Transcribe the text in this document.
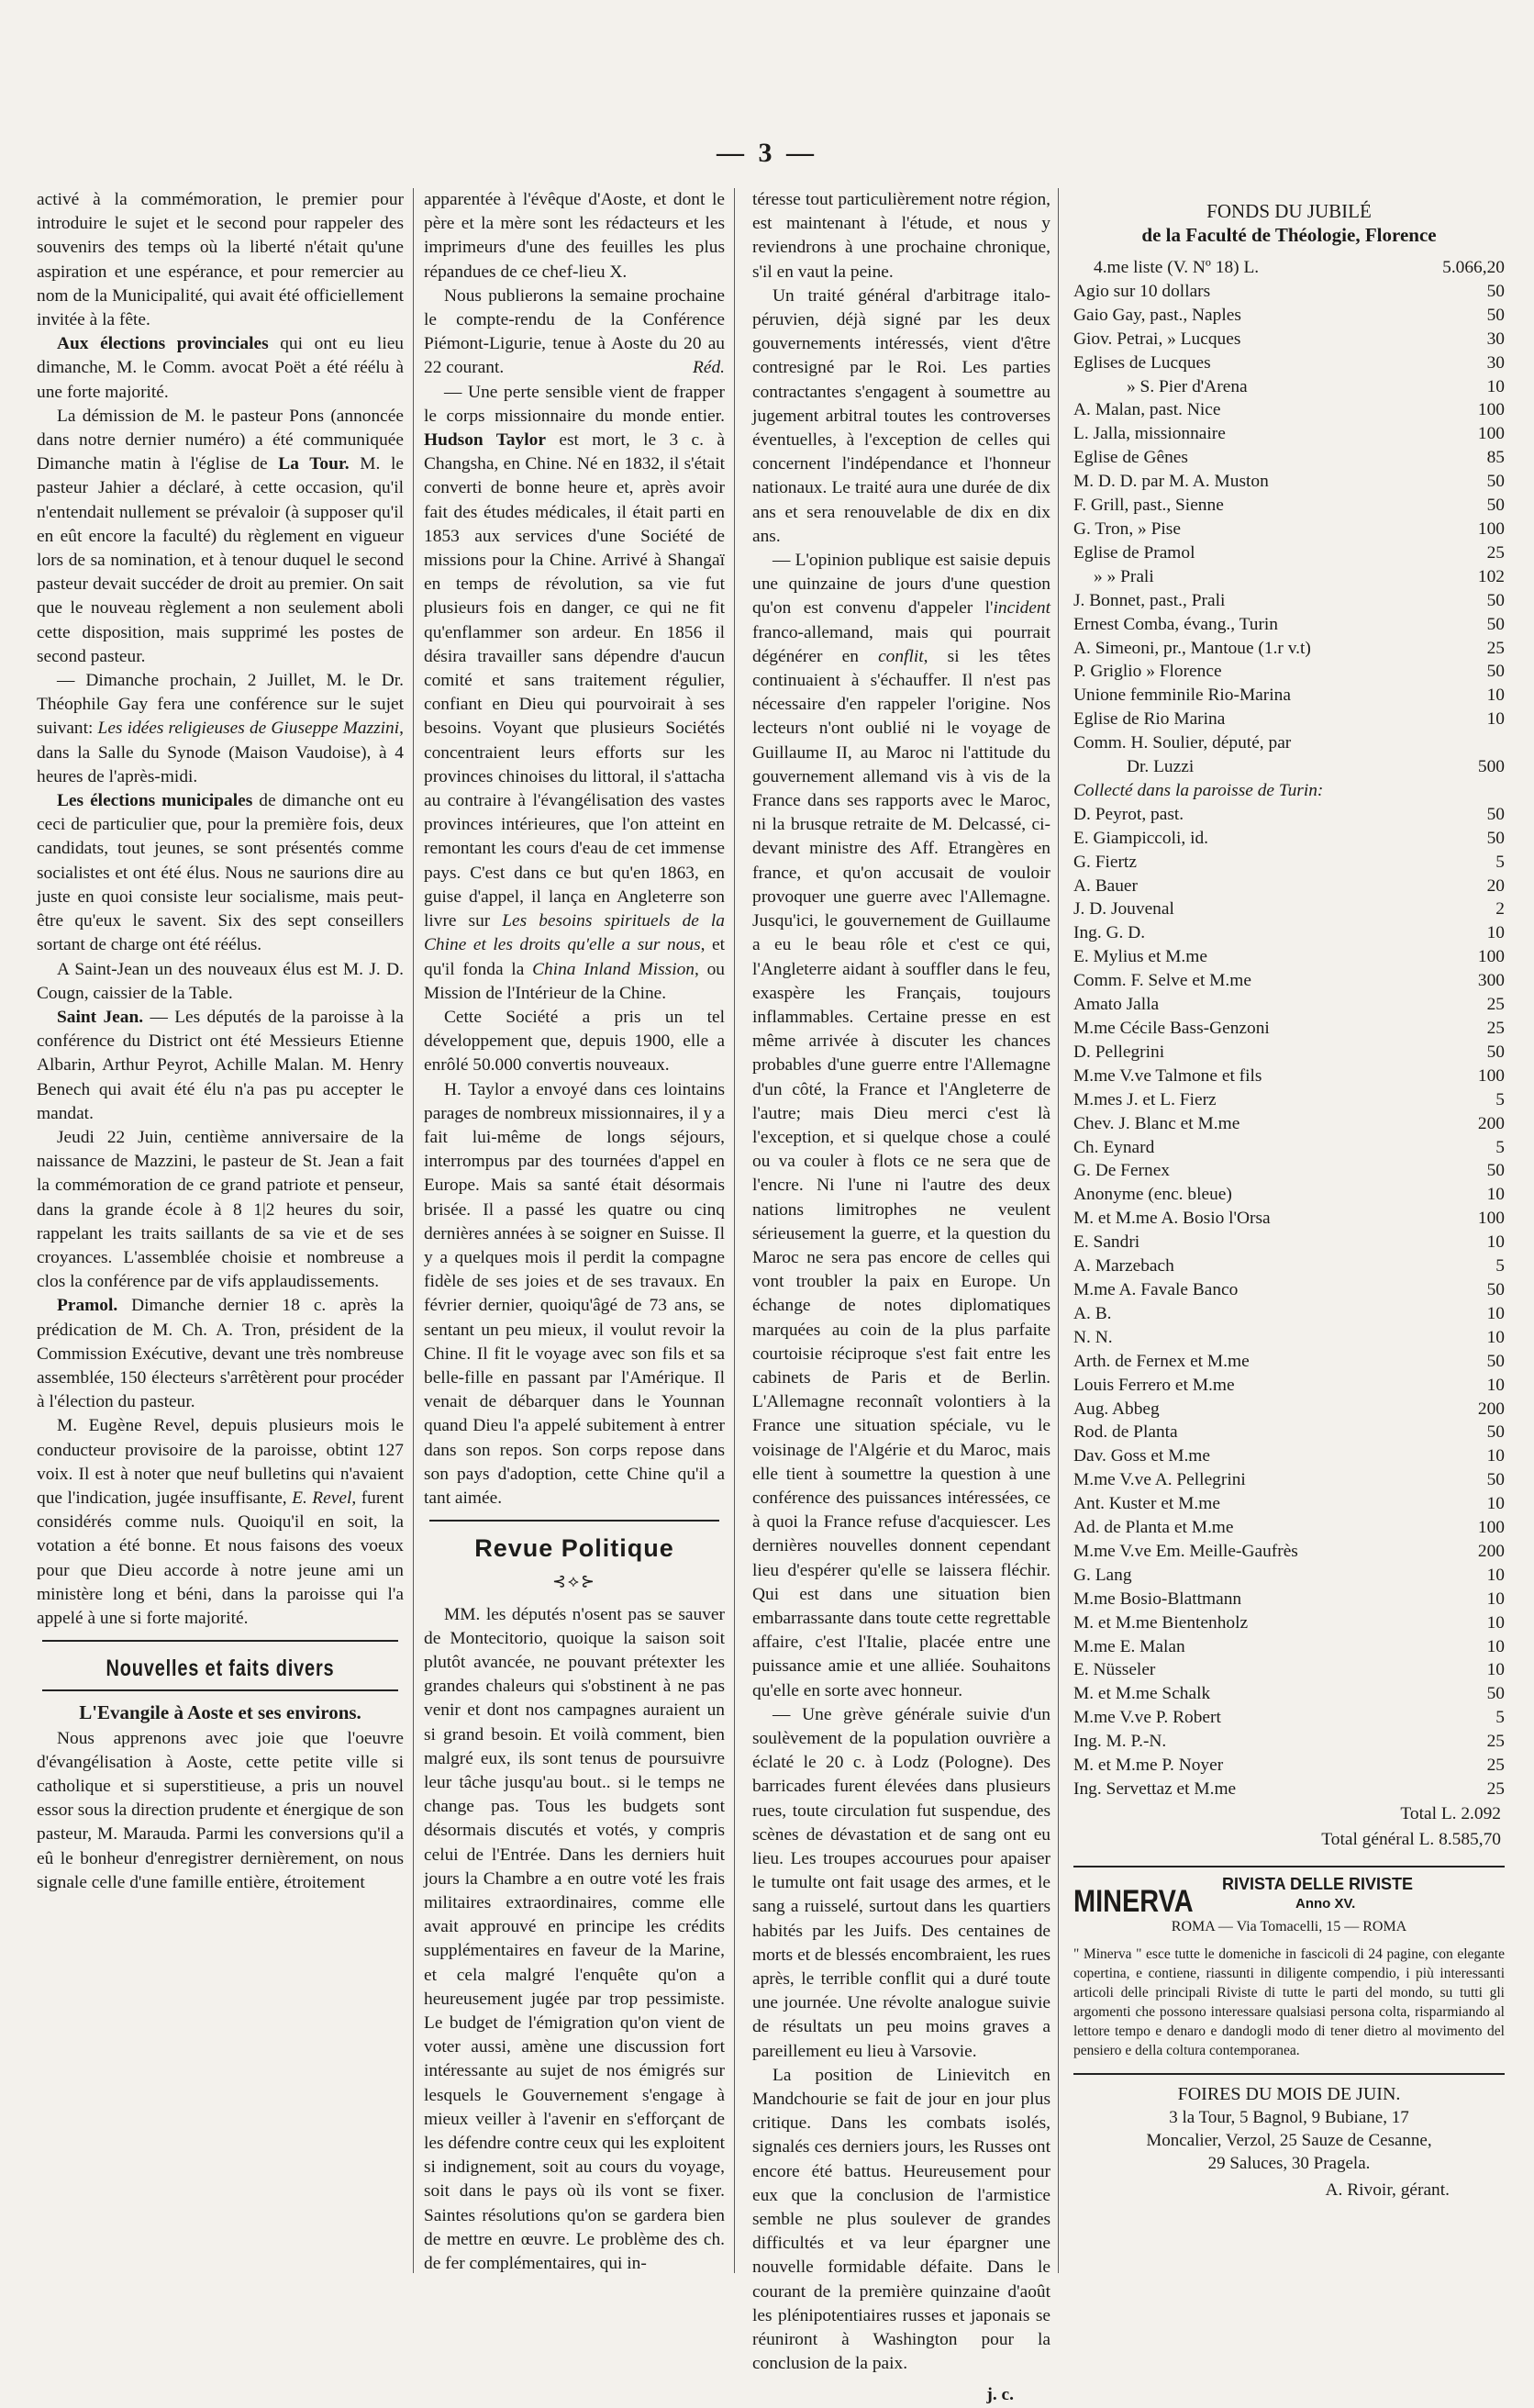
— 3 —

activé à la commémoration, le premier pour introduire le sujet et le second pour rappeler des souvenirs des temps où la liberté n'était qu'une aspiration et une espérance, et pour remercier au nom de la Municipalité, qui avait été officiellement invitée à la fête.

Aux élections provinciales qui ont eu lieu dimanche, M. le Comm. avocat Poët a été réélu à une forte majorité.

La démission de M. le pasteur Pons (annoncée dans notre dernier numéro) a été communiquée Dimanche matin à l'église de La Tour. M. le pasteur Jahier a déclaré, à cette occasion, qu'il n'entendait nullement se prévaloir (à supposer qu'il en eût encore la faculté) du règlement en vigueur lors de sa nomination, et à tenour duquel le second pasteur devait succéder de droit au premier. On sait que le nouveau règlement a non seulement aboli cette disposition, mais supprimé les postes de second pasteur.

— Dimanche prochain, 2 Juillet, M. le Dr. Théophile Gay fera une conférence sur le sujet suivant: Les idées religieuses de Giuseppe Mazzini, dans la Salle du Synode (Maison Vaudoise), à 4 heures de l'après-midi.

Les élections municipales de dimanche ont eu ceci de particulier que, pour la première fois, deux candidats, tout jeunes, se sont présentés comme socialistes et ont été élus. Nous ne saurions dire au juste en quoi consiste leur socialisme, mais peut-être qu'eux le savent. Six des sept conseillers sortant de charge ont été réélus.

A Saint-Jean un des nouveaux élus est M. J. D. Cougn, caissier de la Table.

Saint Jean. — Les députés de la paroisse à la conférence du District ont été Messieurs Etienne Albarin, Arthur Peyrot, Achille Malan. M. Henry Benech qui avait été élu n'a pas pu accepter le mandat.

Jeudi 22 Juin, centième anniversaire de la naissance de Mazzini, le pasteur de St. Jean a fait la commémoration de ce grand patriote et penseur, dans la grande école à 8 1|2 heures du soir, rappelant les traits saillants de sa vie et de ses croyances. L'assemblée choisie et nombreuse a clos la conférence par de vifs applaudissements.

Pramol. Dimanche dernier 18 c. après la prédication de M. Ch. A. Tron, président de la Commission Exécutive, devant une très nombreuse assemblée, 150 électeurs s'arrêtèrent pour procéder à l'élection du pasteur.

M. Eugène Revel, depuis plusieurs mois le conducteur provisoire de la paroisse, obtint 127 voix. Il est à noter que neuf bulletins qui n'avaient que l'indication, jugée insuffisante, E. Revel, furent considérés comme nuls. Quoiqu'il en soit, la votation a été bonne. Et nous faisons des voeux pour que Dieu accorde à notre jeune ami un ministère long et béni, dans la paroisse qui l'a appelé à une si forte majorité.

Nouvelles et faits divers
L'Evangile à Aoste et ses environs.

Nous apprenons avec joie que l'oeuvre d'évangélisation à Aoste, cette petite ville si catholique et si superstitieuse, a pris un nouvel essor sous la direction prudente et énergique de son pasteur, M. Marauda. Parmi les conversions qu'il a eû le bonheur d'enregistrer dernièrement, on nous signale celle d'une famille entière, étroitement

apparentée à l'évêque d'Aoste, et dont le père et la mère sont les rédacteurs et les imprimeurs d'une des feuilles les plus répandues de ce chef-lieu X.

Nous publierons la semaine prochaine le compte-rendu de la Conférence Piémont-Ligurie, tenue à Aoste du 20 au 22 courant.	Réd.

— Une perte sensible vient de frapper le corps missionnaire du monde entier. Hudson Taylor est mort, le 3 c. à Changsha, en Chine. Né en 1832, il s'était converti de bonne heure et, après avoir fait des études médicales, il était parti en 1853 aux services d'une Société de missions pour la Chine. Arrivé à Shangaï en temps de révolution, sa vie fut plusieurs fois en danger, ce qui ne fit qu'enflammer son ardeur. En 1856 il désira travailler sans dépendre d'aucun comité et sans traitement régulier, confiant en Dieu qui pourvoirait à ses besoins. Voyant que plusieurs Sociétés concentraient leurs efforts sur les provinces chinoises du littoral, il s'attacha au contraire à l'évangélisation des vastes provinces intérieures, que l'on atteint en remontant les cours d'eau de cet immense pays. C'est dans ce but qu'en 1863, en guise d'appel, il lança en Angleterre son livre sur Les besoins spirituels de la Chine et les droits qu'elle a sur nous, et qu'il fonda la China Inland Mission, ou Mission de l'Intérieur de la Chine.

Cette Société a pris un tel développement que, depuis 1900, elle a enrôlé 50.000 convertis nouveaux.

H. Taylor a envoyé dans ces lointains parages de nombreux missionnaires, il y a fait lui-même de longs séjours, interrompus par des tournées d'appel en Europe. Mais sa santé était désormais brisée. Il a passé les quatre ou cinq dernières années à se soigner en Suisse. Il y a quelques mois il perdit la compagne fidèle de ses joies et de ses travaux. En février dernier, quoiqu'âgé de 73 ans, se sentant un peu mieux, il voulut revoir la Chine. Il fit le voyage avec son fils et sa belle-fille en passant par l'Amérique. Il venait de débarquer dans le Younnan quand Dieu l'a appelé subitement à entrer dans son repos. Son corps repose dans son pays d'adoption, cette Chine qu'il a tant aimée.

Revue Politique
⊰⟡⊱

MM. les députés n'osent pas se sauver de Montecitorio, quoique la saison soit plutôt avancée, ne pouvant prétexter les grandes chaleurs qui s'obstinent à ne pas venir et dont nos campagnes auraient un si grand besoin. Et voilà comment, bien malgré eux, ils sont tenus de poursuivre leur tâche jusqu'au bout.. si le temps ne change pas. Tous les budgets sont désormais discutés et votés, y compris celui de l'Entrée. Dans les derniers huit jours la Chambre a en outre voté les frais militaires extraordinaires, comme elle avait approuvé en principe les crédits supplémentaires en faveur de la Marine, et cela malgré l'enquête qu'on a heureusement jugée par trop pessimiste. Le budget de l'émigration qu'on vient de voter aussi, amène une discussion fort intéressante au sujet de nos émigrés sur lesquels le Gouvernement s'engage à mieux veiller à l'avenir en s'efforçant de les défendre contre ceux qui les exploitent si indignement, soit au cours du voyage, soit dans le pays où ils vont se fixer. Saintes résolutions qu'on se gardera bien de mettre en œuvre. Le problème des ch. de fer complémentaires, qui in-

téresse tout particulièrement notre région, est maintenant à l'étude, et nous y reviendrons à une prochaine chronique, s'il en vaut la peine.

Un traité général d'arbitrage italo-péruvien, déjà signé par les deux gouvernements intéressés, vient d'être contresigné par le Roi. Les parties contractantes s'engagent à soumettre au jugement arbitral toutes les controverses éventuelles, à l'exception de celles qui concernent l'indépendance et l'honneur nationaux. Le traité aura une durée de dix ans et sera renouvelable de dix en dix ans.

— L'opinion publique est saisie depuis une quinzaine de jours d'une question qu'on est convenu d'appeler l'incident franco-allemand, mais qui pourrait dégénérer en conflit, si les têtes continuaient à s'échauffer. Il n'est pas nécessaire d'en rappeler l'origine. Nos lecteurs n'ont oublié ni le voyage de Guillaume II, au Maroc ni l'attitude du gouvernement allemand vis à vis de la France dans ses rapports avec le Maroc, ni la brusque retraite de M. Delcassé, ci-devant ministre des Aff. Etrangères en france, et qu'on accusait de vouloir provoquer une guerre avec l'Allemagne. Jusqu'ici, le gouvernement de Guillaume a eu le beau rôle et c'est ce qui, l'Angleterre aidant à souffler dans le feu, exaspère les Français, toujours inflammables. Certaine presse en est même arrivée à discuter les chances probables d'une guerre entre l'Allemagne d'un côté, la France et l'Angleterre de l'autre; mais Dieu merci c'est là l'exception, et si quelque chose a coulé ou va couler à flots ce ne sera que de l'encre. Ni l'une ni l'autre des deux nations limitrophes ne veulent sérieusement la guerre, et la question du Maroc ne sera pas encore de celles qui vont troubler la paix en Europe. Un échange de notes diplomatiques marquées au coin de la plus parfaite courtoisie réciproque s'est fait entre les cabinets de Paris et de Berlin. L'Allemagne reconnaît volontiers à la France une situation spéciale, vu le voisinage de l'Algérie et du Maroc, mais elle tient à soumettre la question à une conférence des puissances intéressées, ce à quoi la France refuse d'acquiescer. Les dernières nouvelles donnent cependant lieu d'espérer qu'elle se laissera fléchir. Qui est dans une situation bien embarrassante dans toute cette regrettable affaire, c'est l'Italie, placée entre une puissance amie et une alliée. Souhaitons qu'elle en sorte avec honneur.

— Une grève générale suivie d'un soulèvement de la population ouvrière a éclaté le 20 c. à Lodz (Pologne). Des barricades furent élevées dans plusieurs rues, toute circulation fut suspendue, des scènes de dévastation et de sang ont eu lieu. Les troupes accourues pour apaiser le tumulte ont fait usage des armes, et le sang a ruisselé, surtout dans les quartiers habités par les Juifs. Des centaines de morts et de blessés encombraient, les rues après, le terrible conflit qui a duré toute une journée. Une révolte analogue suivie de résultats un peu moins graves a pareillement eu lieu à Varsovie.

La position de Linievitch en Mandchourie se fait de jour en jour plus critique. Dans les combats isolés, signalés ces derniers jours, les Russes ont encore été battus. Heureusement pour eux que la conclusion de l'armistice semble ne plus soulever de grandes difficultés et va leur épargner une nouvelle formidable défaite. Dans le courant de la première quinzaine d'août les plénipotentiaires russes et japonais se réuniront à Washington pour la conclusion de la paix.

j. c.
FONDS DU JUBILÉ
de la Faculté de Théologie, Florence
4.me liste (V. Nº 18) L.	5.066,20
Agio sur 10 dollars	50
Gaio Gay, past., Naples	50
Giov. Petrai, » Lucques	30
Eglises de Lucques	30
» S. Pier d'Arena	10
A. Malan, past. Nice	100
L. Jalla, missionnaire	100
Eglise de Gênes	85
M. D. D. par M. A. Muston	50
F. Grill, past., Sienne	50
G. Tron, » Pise	100
Eglise de Pramol	25
» » Prali	102
J. Bonnet, past., Prali	50
Ernest Comba, évang., Turin	50
A. Simeoni, pr., Mantoue (1.r v.t)	25
P. Griglio » Florence	50
Unione femminile Rio-Marina	10
Eglise de Rio Marina	10
Comm. H. Soulier, député, par
Dr. Luzzi	500
Collecté dans la paroisse de Turin:
D. Peyrot, past.	50
E. Giampiccoli, id.	50
G. Fiertz	5
A. Bauer	20
J. D. Jouvenal	2
Ing. G. D.	10
E. Mylius et M.me	100
Comm. F. Selve et M.me	300
Amato Jalla	25
M.me Cécile Bass-Genzoni	25
D. Pellegrini	50
M.me V.ve Talmone et fils	100
M.mes J. et L. Fierz	5
Chev. J. Blanc et M.me	200
Ch. Eynard	5
G. De Fernex	50
Anonyme (enc. bleue)	10
M. et M.me A. Bosio l'Orsa	100
E. Sandri	10
A. Marzebach	5
M.me A. Favale Banco	50
A. B.	10
N. N.	10
Arth. de Fernex et M.me	50
Louis Ferrero et M.me	10
Aug. Abbeg	200
Rod. de Planta	50
Dav. Goss et M.me	10
M.me V.ve A. Pellegrini	50
Ant. Kuster et M.me	10
Ad. de Planta et M.me	100
M.me V.ve Em. Meille-Gaufrès	200
G. Lang	10
M.me Bosio-Blattmann	10
M. et M.me Bientenholz	10
M.me E. Malan	10
E. Nüsseler	10
M. et M.me Schalk	50
M.me V.ve P. Robert	5
Ing. M. P.-N.	25
M. et M.me P. Noyer	25
Ing. Servettaz et M.me	25
Total L. 2.092
Total général L. 8.585,70
MINERVA RIVISTA DELLE RIVISTE
Anno XV.
ROMA — Via Tomacelli, 15 — ROMA
" Minerva " esce tutte le domeniche in fascicoli di 24 pagine, con elegante copertina, e contiene, riassunti in diligente compendio, i più interessanti articoli delle principali Riviste di tutte le parti del mondo, su tutti gli argomenti che possono interessare qualsiasi persona colta, risparmiando al lettore tempo e denaro e dandogli modo di tener dietro al movimento del pensiero e della coltura contemporanea.
FOIRES DU MOIS DE JUIN.
3 la Tour, 5 Bagnol, 9 Bubiane, 17
Moncalier, Verzol, 25 Sauze de Cesanne,
29 Saluces, 30 Pragela.
A. Rivoir, gérant.
